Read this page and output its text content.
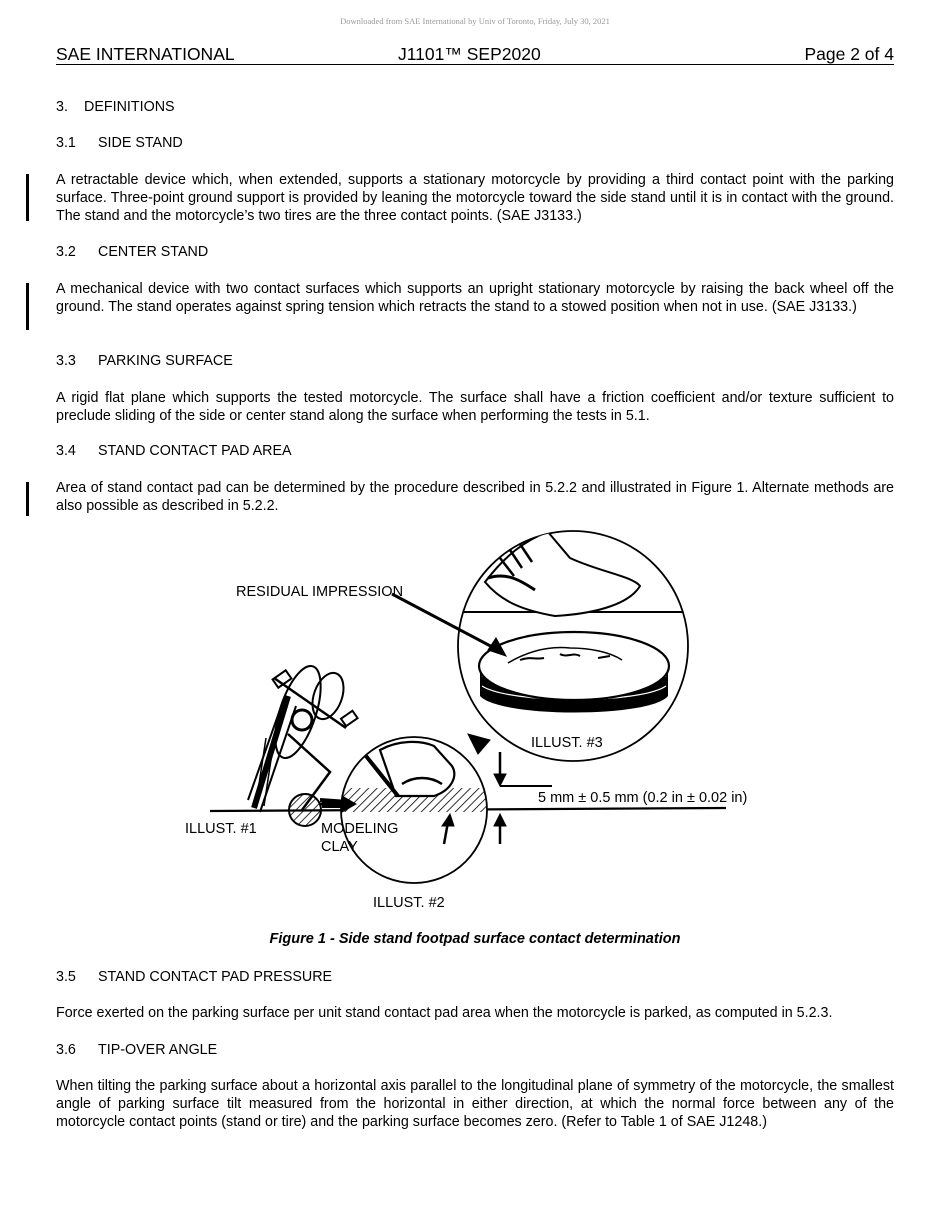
Downloaded from SAE International by Univ of Toronto, Friday, July 30, 2021
SAE INTERNATIONAL	J1101™ SEP2020	Page 2 of 4
3. DEFINITIONS
3.1 SIDE STAND
A retractable device which, when extended, supports a stationary motorcycle by providing a third contact point with the parking surface. Three-point ground support is provided by leaning the motorcycle toward the side stand until it is in contact with the ground. The stand and the motorcycle’s two tires are the three contact points. (SAE J3133.)
3.2 CENTER STAND
A mechanical device with two contact surfaces which supports an upright stationary motorcycle by raising the back wheel off the ground. The stand operates against spring tension which retracts the stand to a stowed position when not in use. (SAE J3133.)
3.3 PARKING SURFACE
A rigid flat plane which supports the tested motorcycle. The surface shall have a friction coefficient and/or texture sufficient to preclude sliding of the side or center stand along the surface when performing the tests in 5.1.
3.4 STAND CONTACT PAD AREA
Area of stand contact pad can be determined by the procedure described in 5.2.2 and illustrated in Figure 1. Alternate methods are also possible as described in 5.2.2.
RESIDUAL IMPRESSION
ILLUST. #3
5 mm ± 0.5 mm (0.2 in ± 0.02 in)
ILLUST. #1	MODELING
CLAY
ILLUST. #2
Figure 1 - Side stand footpad surface contact determination
3.5 STAND CONTACT PAD PRESSURE
Force exerted on the parking surface per unit stand contact pad area when the motorcycle is parked, as computed in 5.2.3.
3.6 TIP-OVER ANGLE
When tilting the parking surface about a horizontal axis parallel to the longitudinal plane of symmetry of the motorcycle, the smallest angle of parking surface tilt measured from the horizontal in either direction, at which the normal force between any of the motorcycle contact points (stand or tire) and the parking surface becomes zero. (Refer to Table 1 of SAE J1248.)
